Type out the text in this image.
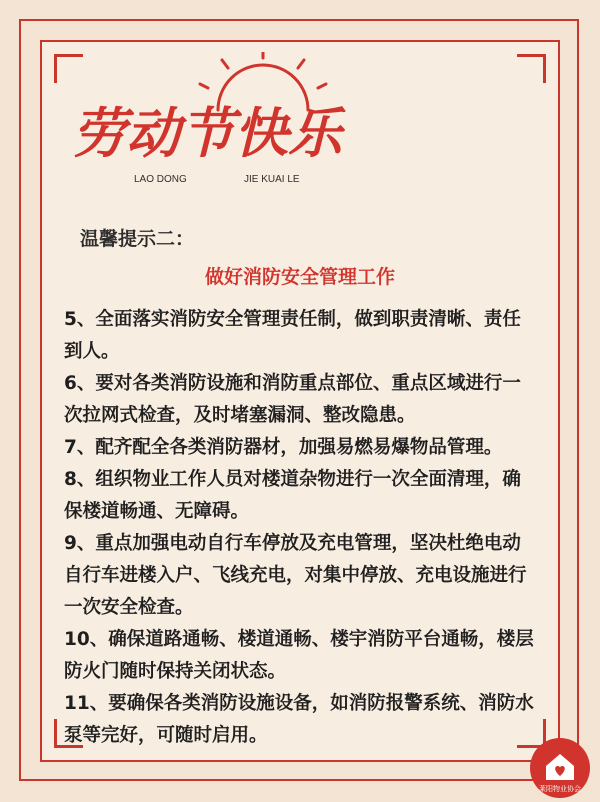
劳动节快乐
LAO DONG	JIE KUAI LE
温馨提示二：
做好消防安全管理工作

5、全面落实消防安全管理责任制，做到职责清晰、责任到人。

6、要对各类消防设施和消防重点部位、重点区域进行一次拉网式检查，及时堵塞漏洞、整改隐患。

7、配齐配全各类消防器材，加强易燃易爆物品管理。

8、组织物业工作人员对楼道杂物进行一次全面清理，确保楼道畅通、无障碍。

9、重点加强电动自行车停放及充电管理，坚决杜绝电动自行车进楼入户、飞线充电，对集中停放、充电设施进行一次安全检查。

10、确保道路通畅、楼道通畅、楼宇消防平台通畅，楼层防火门随时保持关闭状态。

11、要确保各类消防设施设备，如消防报警系统、消防水泵等完好，可随时启用。

莱阳物业协会
